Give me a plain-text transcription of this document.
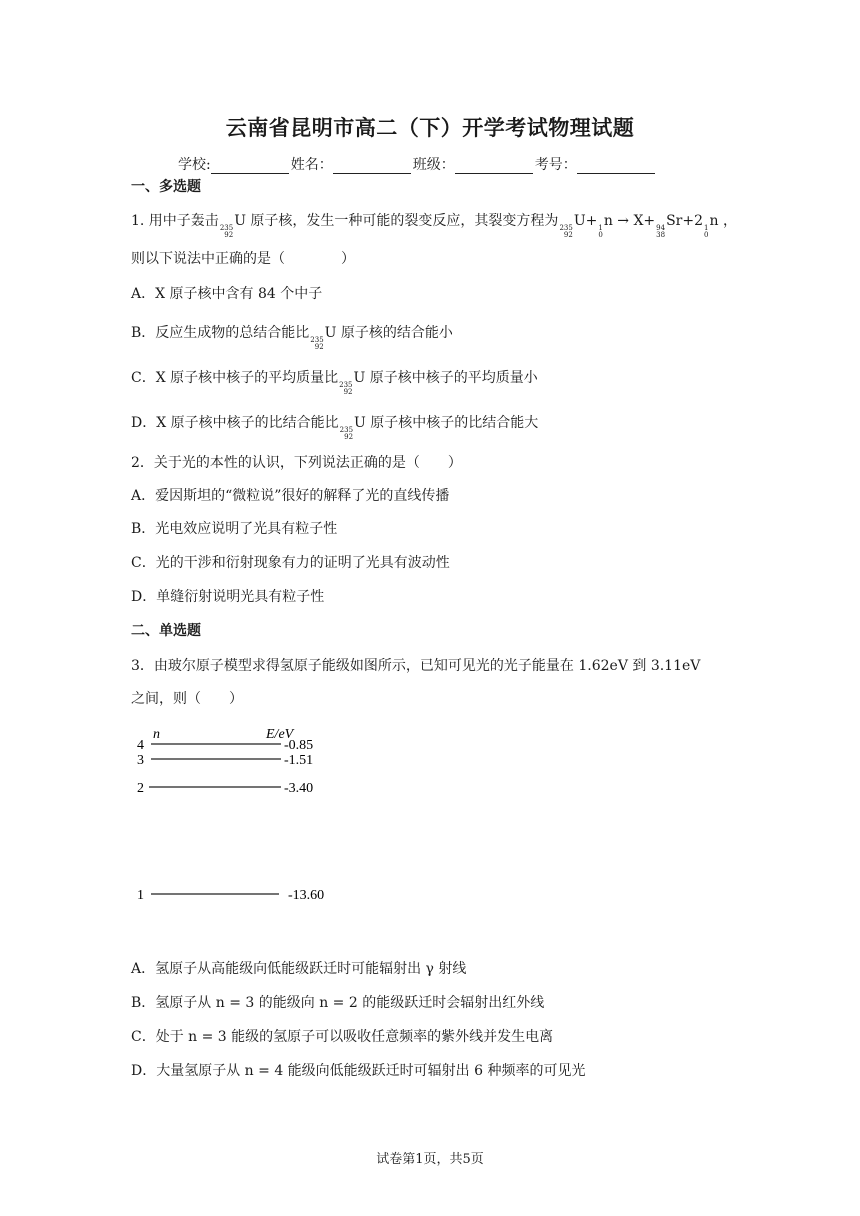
云南省昆明市高二（下）开学考试物理试题
学校:	姓名：	班级：	考号：
一、多选题
1. 用中子轰击 235
92
U 原子核，发生一种可能的裂变反应，其裂变方程为 235
92
U+ 1
0
n → X+ 94
38
Sr+2 1
0
n ，
则以下说法中正确的是（　　　　）
A．X 原子核中含有 84 个中子
B．反应生成物的总结合能比 235
92
U 原子核的结合能小
C．X 原子核中核子的平均质量比 235
92
U 原子核中核子的平均质量小
D．X 原子核中核子的比结合能比 235
92
U 原子核中核子的比结合能大
2．关于光的本性的认识，下列说法正确的是（　　）
A．爱因斯坦的“微粒说”很好的解释了光的直线传播
B．光电效应说明了光具有粒子性
C．光的干涉和衍射现象有力的证明了光具有波动性
D．单缝衍射说明光具有粒子性
二、单选题
3．由玻尔原子模型求得氢原子能级如图所示，已知可见光的光子能量在 1.62eV 到 3.11eV
之间，则（　　）
n	E/eV
4	-0.85
3	-1.51
2	-3.40
1	-13.60
A．氢原子从高能级向低能级跃迁时可能辐射出 γ 射线
B．氢原子从 n = 3 的能级向 n = 2 的能级跃迁时会辐射出红外线
C．处于 n = 3 能级的氢原子可以吸收任意频率的紫外线并发生电离
D．大量氢原子从 n = 4 能级向低能级跃迁时可辐射出 6 种频率的可见光
试卷第1页，共5页
